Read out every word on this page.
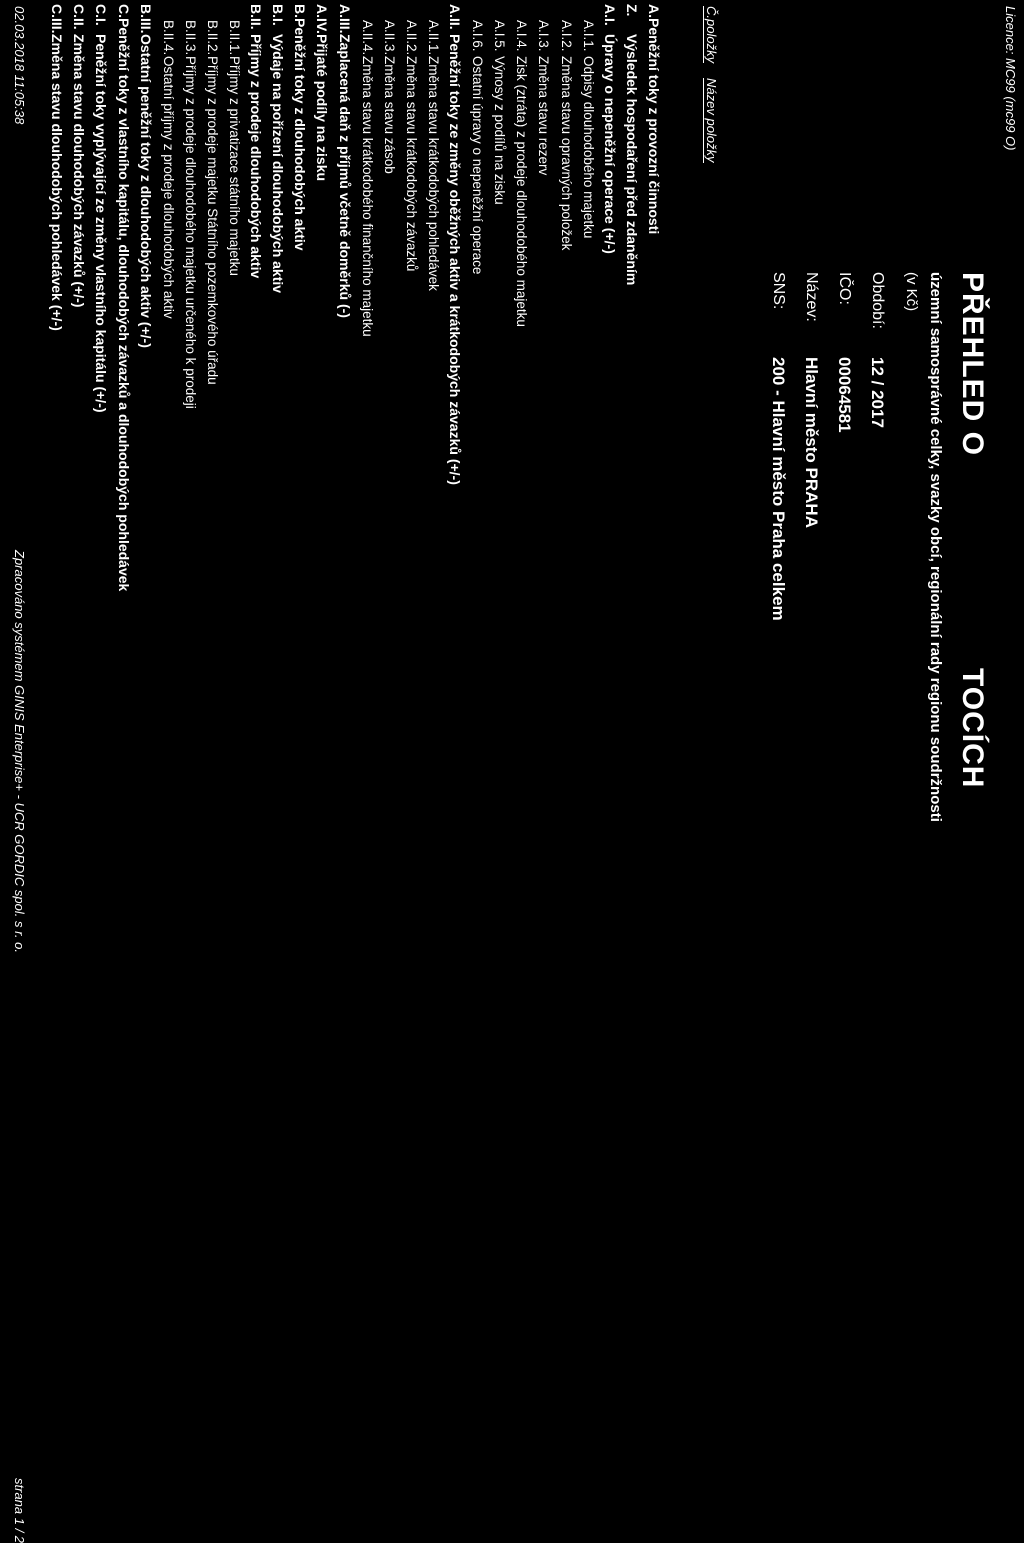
Licence: MC99 (mc99 O)
PŘEHLED O
TOCÍCH
územní samosprávné celky, svazky obcí, regionální rady regionu soudržnosti
(v Kč)
Období:
12 / 2017
IČO:
00064581
Název:
Hlavní město PRAHA
SNS:
200 - Hlavní město Praha celkem
Č.položky
Název položky
A.
Peněžní toky z provozní činnosti
Z.
Výsledek hospodaření před zdaněním
A.I.
Úpravy o nepeněžní operace (+/-)
A.I.1.
Odpisy dlouhodobého majetku
A.I.2.
Změna stavu opravných položek
A.I.3.
Změna stavu rezerv
A.I.4.
Zisk (ztráta) z prodeje dlouhodobého majetku
A.I.5.
Výnosy z podílů na zisku
A.I.6.
Ostatní úpravy o nepeněžní operace
A.II.
Peněžní toky ze změny oběžných aktiv a krátkodobých závazků (+/-)
A.II.1.
Změna stavu krátkodobých pohledávek
A.II.2.
Změna stavu krátkodobých závazků
A.II.3.
Změna stavu zásob
A.II.4.
Změna stavu krátkodobého finančního majetku
A.III.
Zaplacená daň z příjmů včetně doměrků (-)
A.IV.
Přijaté podíly na zisku
B.
Peněžní toky z dlouhodobých aktiv
B.I.
Výdaje na pořízení dlouhodobých aktiv
B.II.
Příjmy z prodeje dlouhodobých aktiv
B.II.1.
Příjmy z privatizace státního majetku
B.II.2.
Příjmy z prodeje majetku Státního pozemkového úřadu
B.II.3.
Příjmy z prodeje dlouhodobého majetku určeného k prodeji
B.II.4.
Ostatní příjmy z prodeje dlouhodobých aktiv
B.III.
Ostatní peněžní toky z dlouhodobých aktiv (+/-)
C.
Peněžní toky z vlastního kapitálu, dlouhodobých závazků a dlouhodobých pohledávek
C.I.
Peněžní toky vyplývající ze změny vlastního kapitálu (+/-)
C.II.
Změna stavu dlouhodobých závazků (+/-)
C.III.
Změna stavu dlouhodobých pohledávek (+/-)
02.03.2018 11:05:38
Zpracováno systémem GINIS Enterprise+ - UCR GORDIC spol. s r. o.
strana 1 / 2
